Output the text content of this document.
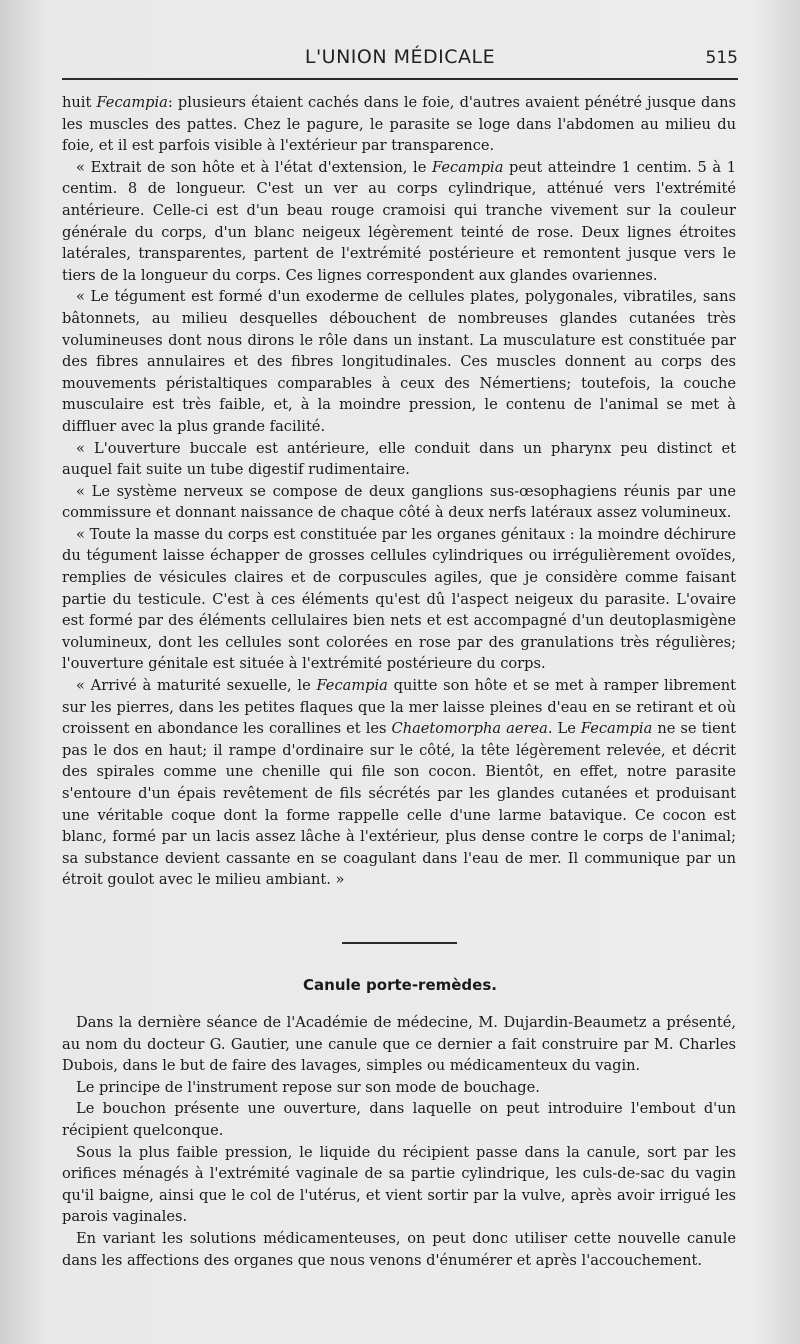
L'UNION MÉDICALE	515

huit Fecampia: plusieurs étaient cachés dans le foie, d'autres avaient pénétré jusque dans les muscles des pattes. Chez le pagure, le parasite se loge dans l'abdomen au milieu du foie, et il est parfois visible à l'extérieur par transparence.

« Extrait de son hôte et à l'état d'extension, le Fecampia peut atteindre 1 centim. 5 à 1 centim. 8 de longueur. C'est un ver au corps cylindrique, atténué vers l'extrémité antérieure. Celle-ci est d'un beau rouge cramoisi qui tranche vivement sur la couleur générale du corps, d'un blanc neigeux légèrement teinté de rose. Deux lignes étroites latérales, transparentes, partent de l'extrémité postérieure et remontent jusque vers le tiers de la longueur du corps. Ces lignes correspondent aux glandes ovariennes.

« Le tégument est formé d'un exoderme de cellules plates, polygonales, vibratiles, sans bâtonnets, au milieu desquelles débouchent de nombreuses glandes cutanées très volumineuses dont nous dirons le rôle dans un instant. La musculature est constituée par des fibres annulaires et des fibres longitudinales. Ces muscles donnent au corps des mouvements péristaltiques comparables à ceux des Némertiens; toutefois, la couche musculaire est très faible, et, à la moindre pression, le contenu de l'animal se met à diffluer avec la plus grande facilité.

« L'ouverture buccale est antérieure, elle conduit dans un pharynx peu distinct et auquel fait suite un tube digestif rudimentaire.

« Le système nerveux se compose de deux ganglions sus-œsophagiens réunis par une commissure et donnant naissance de chaque côté à deux nerfs latéraux assez volumineux.

« Toute la masse du corps est constituée par les organes génitaux : la moindre déchirure du tégument laisse échapper de grosses cellules cylindriques ou irrégulièrement ovoïdes, remplies de vésicules claires et de corpuscules agiles, que je considère comme faisant partie du testicule. C'est à ces éléments qu'est dû l'aspect neigeux du parasite. L'ovaire est formé par des éléments cellulaires bien nets et est accompagné d'un deutoplasmigène volumineux, dont les cellules sont colorées en rose par des granulations très régulières; l'ouverture génitale est située à l'extrémité postérieure du corps.

« Arrivé à maturité sexuelle, le Fecampia quitte son hôte et se met à ramper librement sur les pierres, dans les petites flaques que la mer laisse pleines d'eau en se retirant et où croissent en abondance les corallines et les Chaetomorpha aerea. Le Fecampia ne se tient pas le dos en haut; il rampe d'ordinaire sur le côté, la tête légèrement relevée, et décrit des spirales comme une chenille qui file son cocon. Bientôt, en effet, notre parasite s'entoure d'un épais revêtement de fils sécrétés par les glandes cutanées et produisant une véritable coque dont la forme rappelle celle d'une larme batavique. Ce cocon est blanc, formé par un lacis assez lâche à l'extérieur, plus dense contre le corps de l'animal; sa substance devient cassante en se coagulant dans l'eau de mer. Il communique par un étroit goulot avec le milieu ambiant. »

Canule porte-remèdes.

Dans la dernière séance de l'Académie de médecine, M. Dujardin-Beaumetz a présenté, au nom du docteur G. Gautier, une canule que ce dernier a fait construire par M. Charles Dubois, dans le but de faire des lavages, simples ou médicamenteux du vagin.

Le principe de l'instrument repose sur son mode de bouchage.

Le bouchon présente une ouverture, dans laquelle on peut introduire l'embout d'un récipient quelconque.

Sous la plus faible pression, le liquide du récipient passe dans la canule, sort par les orifices ménagés à l'extrémité vaginale de sa partie cylindrique, les culs-de-sac du vagin qu'il baigne, ainsi que le col de l'utérus, et vient sortir par la vulve, après avoir irrigué les parois vaginales.

En variant les solutions médicamenteuses, on peut donc utiliser cette nouvelle canule dans les affections des organes que nous venons d'énumérer et après l'accouchement.
